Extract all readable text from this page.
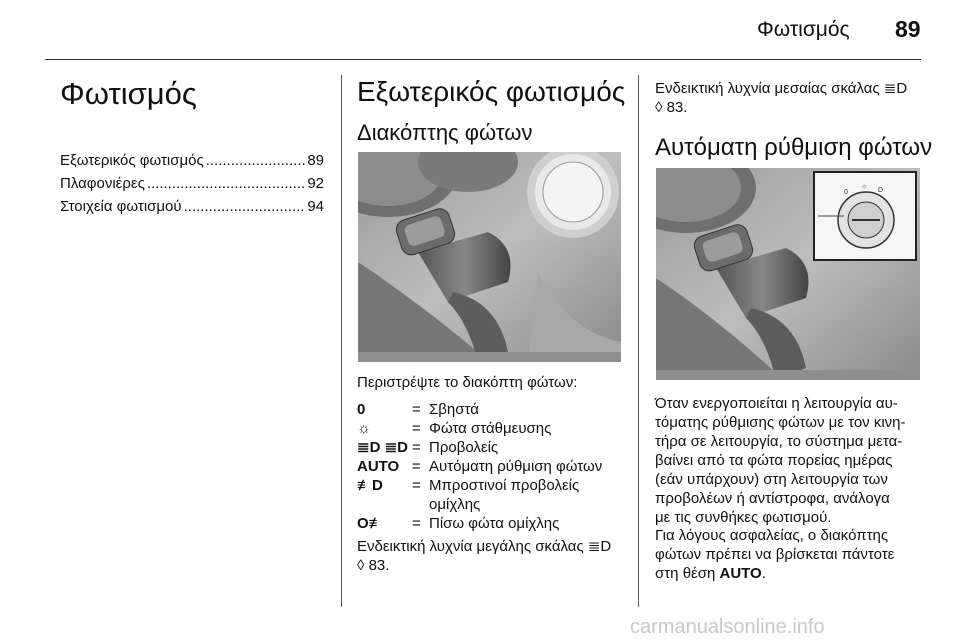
Φωτισμός 89
Φωτισμός
Εξωτερικός φωτισμός .....	89
Πλαφονιέρες .....	92
Στοιχεία φωτισμού .....	94
Εξωτερικός φωτισμός
Διακόπτης φώτων
Περιστρέψτε το διακόπτη φώτων:
0	= Σβηστά
☼	= Φώτα στάθμευσης
≣D ≣D = Προβολείς
AUTO = Αυτόματη ρύθμιση φώτων
≢D	= Μπροστινοί προβολείς ομίχλης
O≢	= Πίσω φώτα ομίχλης
Ενδεικτική λυχνία μεγάλης σκάλας ≣D
◊ 83.
Ενδεικτική λυχνία μεσαίας σκάλας ≣D
◊ 83.
Αυτόματη ρύθμιση φώτων
0
☼
D
Όταν ενεργοποιείται η λειτουργία αυ-
τόματης ρύθμισης φώτων με τον κινη-
τήρα σε λειτουργία, το σύστημα μετα-
βαίνει από τα φώτα πορείας ημέρας
(εάν υπάρχουν) στη λειτουργία των
προβολέων ή αντίστροφα, ανάλογα
με τις συνθήκες φωτισμού.
Για λόγους ασφαλείας, ο διακόπτης
φώτων πρέπει να βρίσκεται πάντοτε
στη θέση AUTO.
carmanualsonline.info
